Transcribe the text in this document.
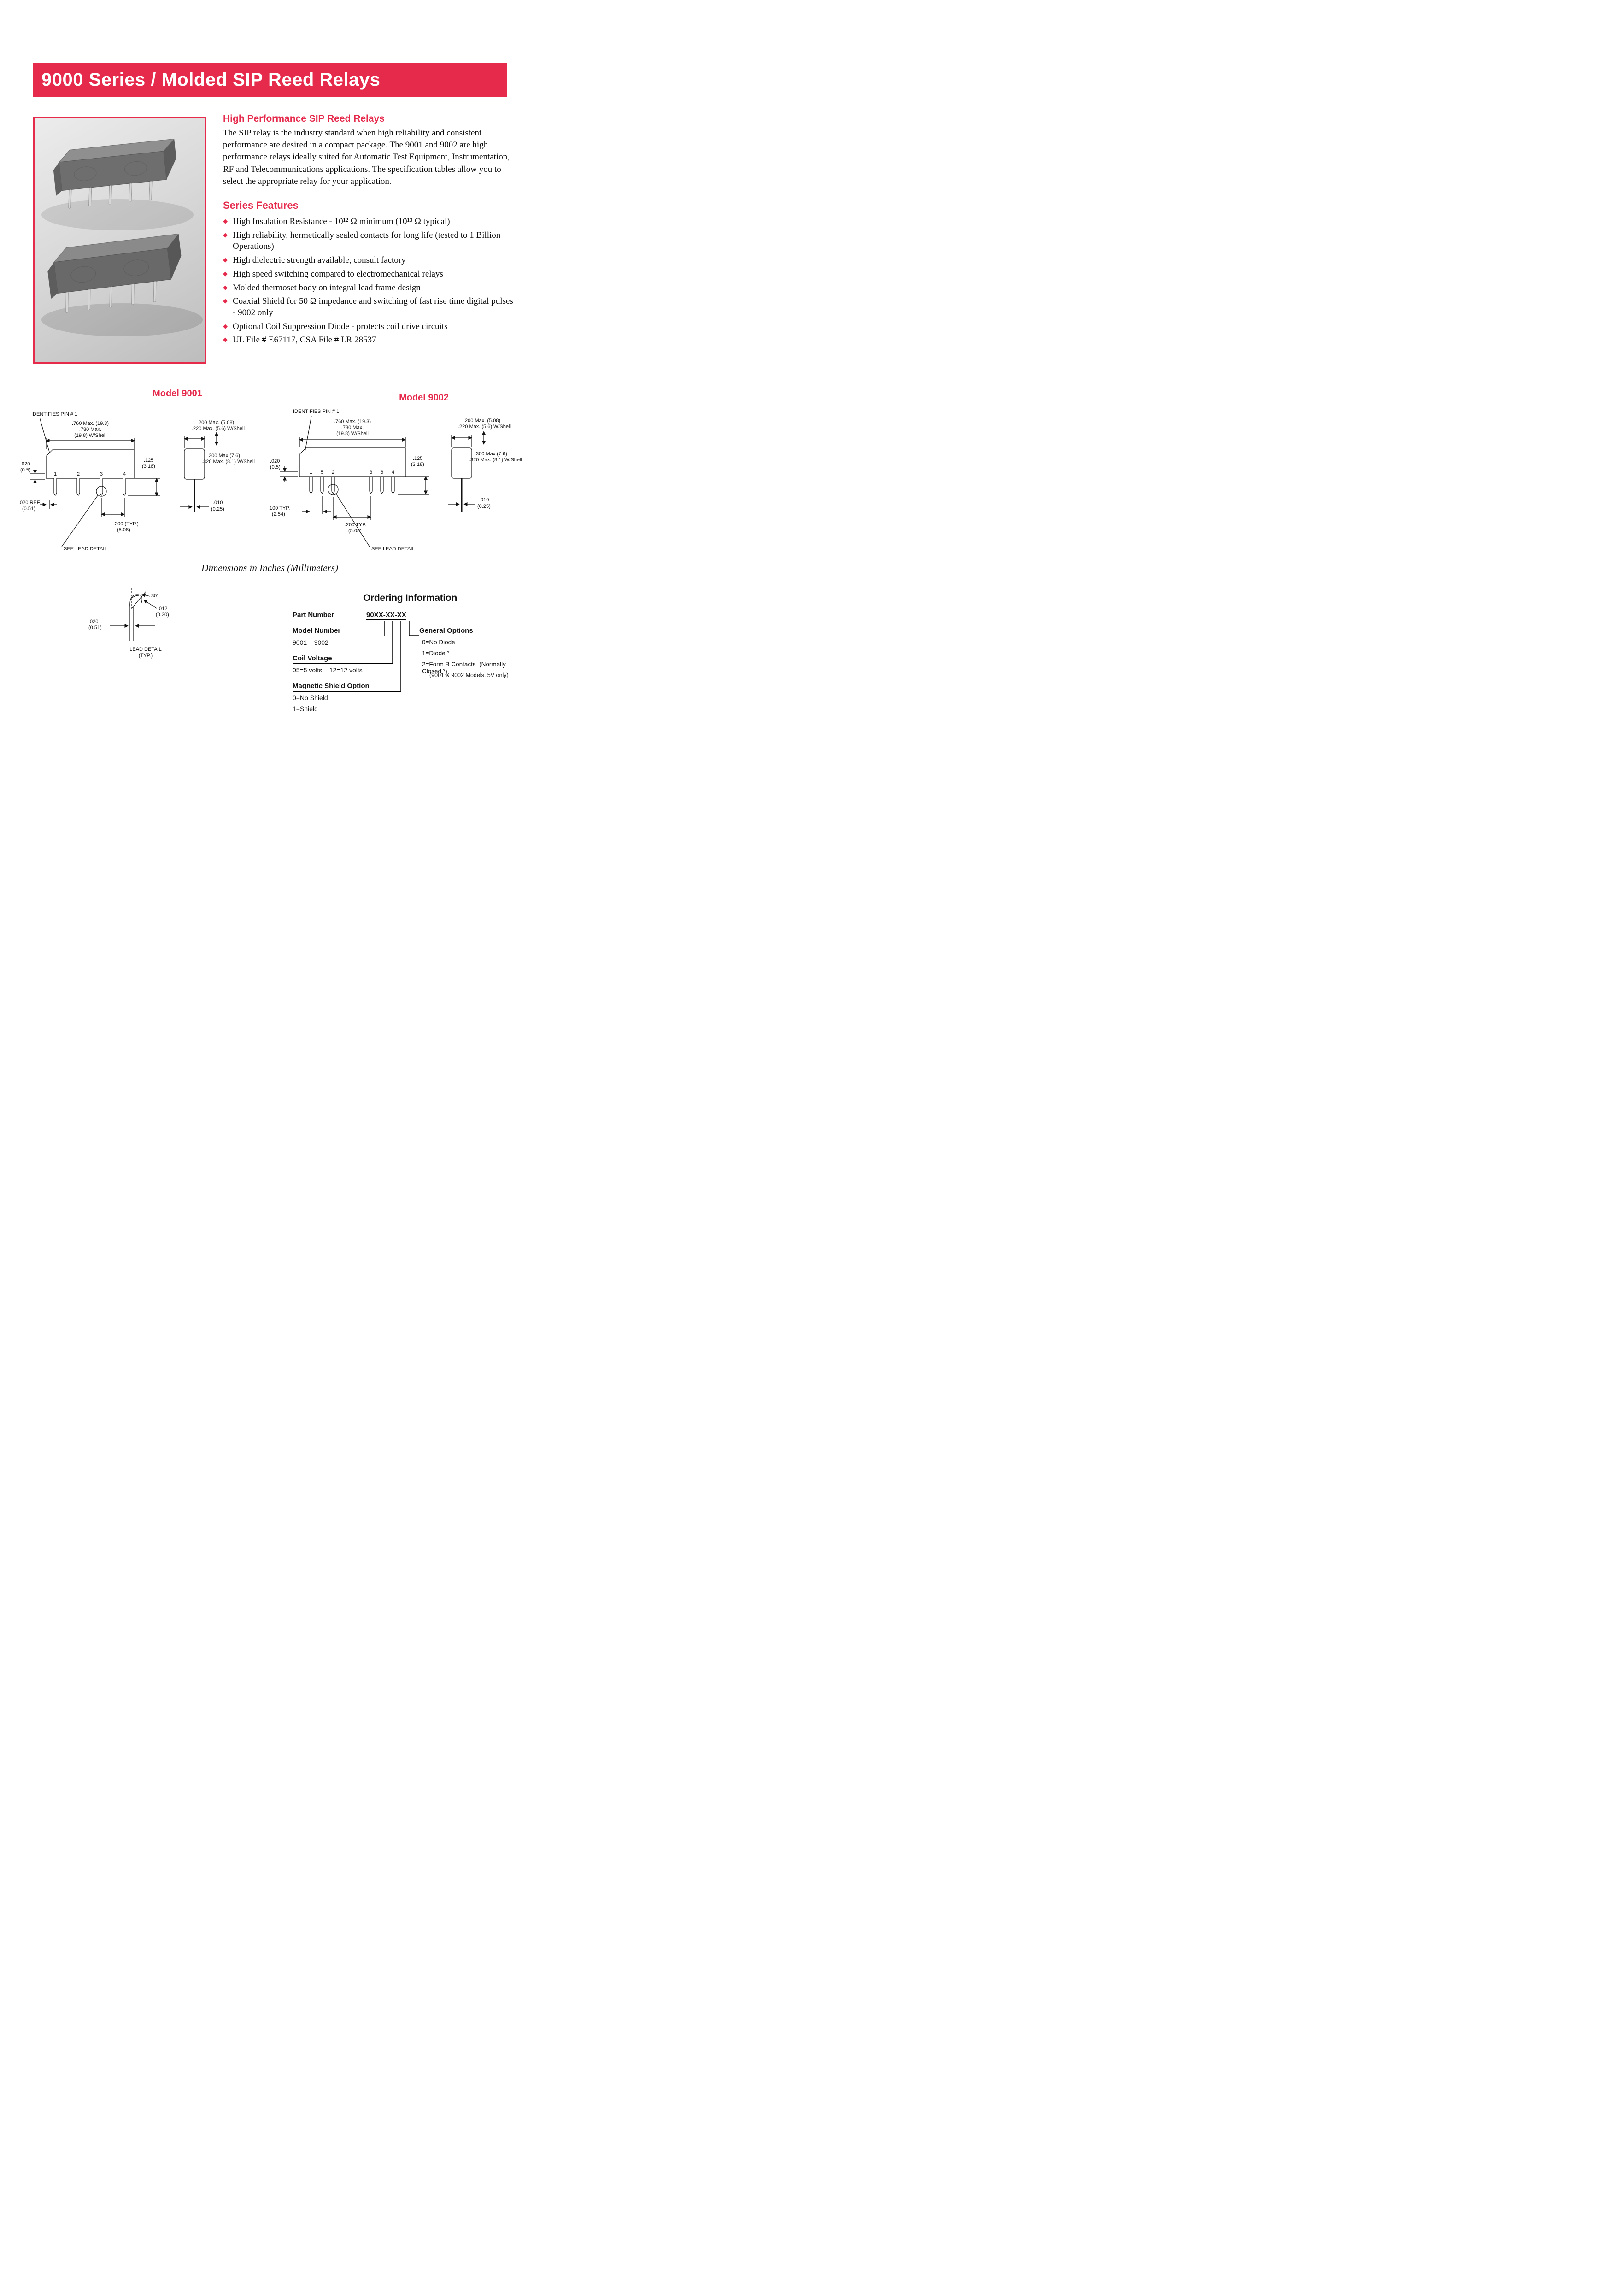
9000 Series / Molded SIP Reed Relays
High Performance SIP Reed Relays

The SIP relay is the industry standard when high reliability and consistent performance are desired in a compact package. The 9001 and 9002 are high performance relays ideally suited for Automatic Test Equipment, Instrumentation, RF and Telecommunications applications. The specification tables allow you to select the appropriate relay for your application.

Series Features
◆ High Insulation Resistance - 10¹² Ω minimum (10¹³ Ω typical)
◆ High reliability, hermetically sealed contacts for long life (tested to 1 Billion Operations)
◆ High dielectric strength available, consult factory
◆ High speed switching compared to electromechanical relays
◆ Molded thermoset body on integral lead frame design
◆ Coaxial Shield for 50 Ω impedance and switching of fast rise time digital pulses - 9002 only
◆ Optional Coil Suppression Diode - protects coil drive circuits
◆ UL File # E67117, CSA File # LR 28537
Model 9001	Model 9002
IDENTIFIES PIN # 1
.760 Max. (19.3)
.780 Max.
(19.8) W/Shell
.020
(0.5)
.125
(3.18)
1	2	3	4
.020 REF.
(0.51)
.200 (TYP.)
(5.08)
SEE LEAD DETAIL
.200 Max. (5.08)
.220 Max. (5.6) W/Shell
.300 Max.(7.6)
.320 Max. (8.1) W/Shell
.010
(0.25)
IDENTIFIES PIN # 1
.760 Max. (19.3)
.780 Max.
(19.8) W/Shell
.020
(0.5)
.125
(3.18)
1 5 2	3 6 4
.100 TYP.
(2.54)
.200 TYP.
(5.08)
SEE LEAD DETAIL
.200 Max. (5.08)
.220 Max. (5.6) W/Shell
.300 Max.(7.6)
.320 Max. (8.1) W/Shell
.010
(0.25)
Dimensions in Inches (Millimeters)
30°
.012
(0.30)
.020
(0.51)
LEAD DETAIL
(TYP.)
Ordering Information
Part Number	90XX-XX-XX
Model Number
9001    9002
Coil Voltage
05=5 volts    12=12 volts
Magnetic Shield Option
0=No Shield
1=Shield
General Options
0=No Diode
1=Diode ²
2=Form B Contacts  (Normally Closed ³)
(9001 & 9002 Models, 5V only)
